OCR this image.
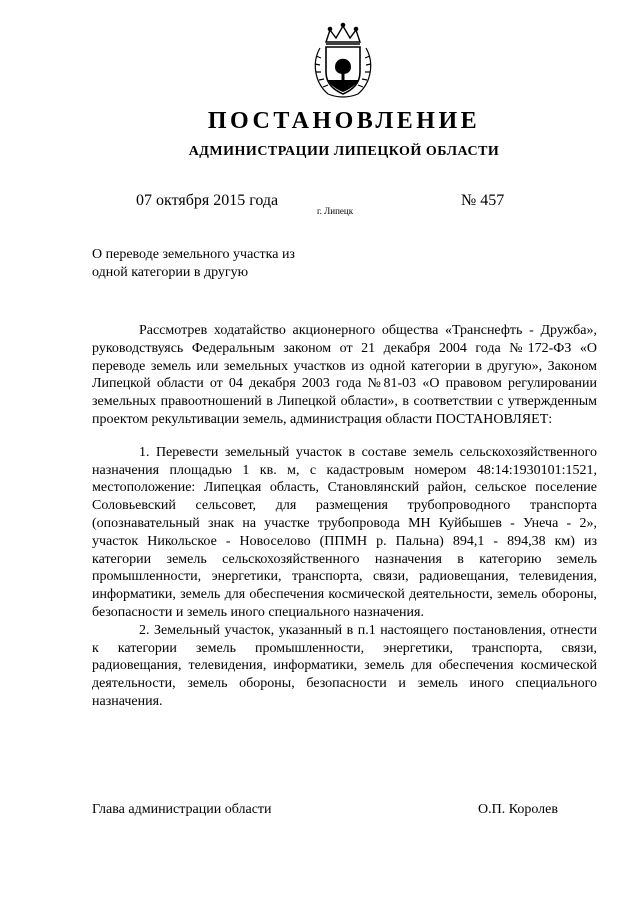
ПОСТАНОВЛЕНИЕ
АДМИНИСТРАЦИИ ЛИПЕЦКОЙ ОБЛАСТИ
07 октября 2015 года
г. Липецк
№ 457

О переводе земельного участка из одной категории в другую

Рассмотрев ходатайство акционерного общества «Транснефть - Дружба», руководствуясь Федеральным законом от 21 декабря 2004 года №172-ФЗ «О переводе земель или земельных участков из одной категории в другую», Законом Липецкой области от 04 декабря 2003 года №81-03 «О правовом регулировании земельных правоотношений в Липецкой области», в соответствии с утвержденным проектом рекультивации земель, администрация области ПОСТАНОВЛЯЕТ:

1. Перевести земельный участок в составе земель сельскохозяйственного назначения площадью 1 кв. м, с кадастровым номером 48:14:1930101:1521, местоположение: Липецкая область, Становлянский район, сельское поселение Соловьевский сельсовет, для размещения трубопроводного транспорта (опознавательный знак на участке трубопровода МН Куйбышев - Унеча - 2», участок Никольское - Новоселово (ППМН р. Пальна) 894,1 - 894,38 км) из категории земель сельскохозяйственного назначения в категорию земель промышленности, энергетики, транспорта, связи, радиовещания, телевидения, информатики, земель для обеспечения космической деятельности, земель обороны, безопасности и земель иного специального назначения.

2. Земельный участок, указанный в п.1 настоящего постановления, отнести к категории земель промышленности, энергетики, транспорта, связи, радиовещания, телевидения, информатики, земель для обеспечения космической деятельности, земель обороны, безопасности и земель иного специального назначения.

Глава администрации области	О.П. Королев
